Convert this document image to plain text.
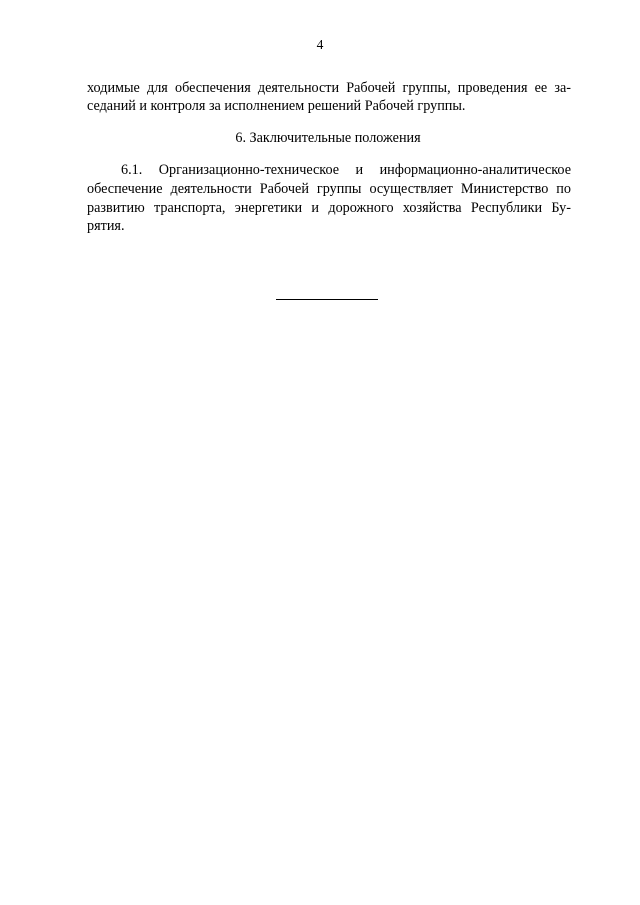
4
ходимые для обеспечения деятельности Рабочей группы, проведения ее за-
седаний и контроля за исполнением решений Рабочей группы.
6. Заключительные положения
6.1. Организационно-техническое и информационно-аналитическое
обеспечение деятельности Рабочей группы осуществляет Министерство по
развитию транспорта, энергетики и дорожного хозяйства Республики Бу-
рятия.
